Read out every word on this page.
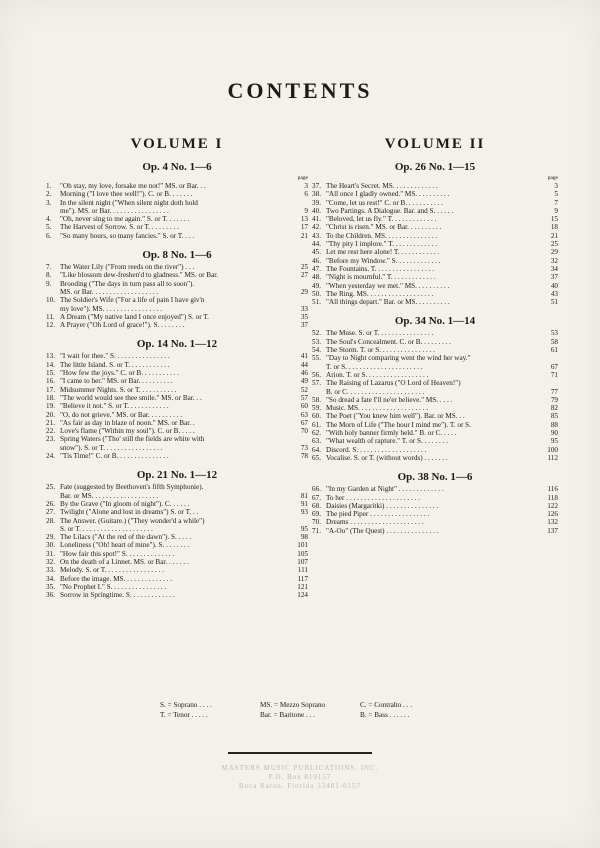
CONTENTS
VOLUME I
Op. 4 No. 1—6
page
1.	"Oh stay, my love, forsake me not!" MS. or Bar. . .	3
2.	Morning ("I love thee well!"). C. or B. . . . . . .	6
3.	In the silent night ("When silent night doth hold
me"). MS. or Bar. . . . . . . . . . . . . . . . .	9
4.	"Oh, never sing to me again." S. or T. . . . . . .	13
5.	The Harvest of Sorrow. S. or T. . . . . . . . .	17
6.	"So many hours, so many fancies." S. or T. . . .	21
Op. 8 No. 1—6
7.	The Water Lily ("From reeds on the river") . . .	25
8.	"Like blossom dew-freshen'd to gladness." MS. or Bar.	27
9.	Brooding ("The days in turn pass all to soon").
MS. or Bar. . . . . . . . . . . . . . . . . . .	29
10. The Soldier's Wife ("For a life of pain I have giv'n
my love"). MS. . . . . . . . . . . . . . . . .	33
11. A Dream ("My native land I once enjoyed") S. or T.	35
12. A Prayer ("Oh Lord of grace!"). S. . . . . . . .	37
Op. 14 No. 1—12
13. "I wait for thee." S. . . . . . . . . . . . . . . .	41
14. The little Island. S. or T. . . . . . . . . . . .	44
15. "How few the joys." C. or B. . . . . . . . . . .	46
16. "I came to her." MS. or Bar. . . . . . . . . .	49
17. Midsummer Nights. S. or T. . . . . . . . . . .	52
18. "The world would see thee smile." MS. or Bar. . .	57
19. "Believe it not." S. or T. . . . . . . . . . . .	60
20. "O, do not grieve." MS. or Bar. . . . . . . . . .	63
21. "As fair as day in blaze of noon." MS. or Bar. .	67
22. Love's flame ("Within my soul"). C. or B. . . . .	70
23. Spring Waters ("Tho' still the fields are white with
snow"). S. or T. . . . . . . . . . . . . . . . .	73
24. "Tis Time!" C. or B. . . . . . . . . . . . . . .	78
Op. 21 No. 1—12
25. Fate (suggested by Beethoven's fifth Symphonie).
Bar. or MS. . . . . . . . . . . . . . . . . . .	81
26. By the Grave ("In gloom of night"). C. . . . . .	91
27. Twilight ("Alone and lost in dreams") S. or T. . .	93
28. The Answer. (Guitare.) ("They wonder'd a while")
S. or T. . . . . . . . . . . . . . . . . . . . .	95
29. The Lilacs ("At the red of the dawn"). S. . . . .	98
30. Loneliness ("Oh! heart of mine"). S. . . . . . . .	101
31. "How fair this spot!" S. . . . . . . . . . . . . .	105
32. On the death of a Linnet. MS. or Bar. . . . . . .	107
33. Melody. S. or T. . . . . . . . . . . . . . . . .	111
34. Before the image. MS. . . . . . . . . . . . . .	117
35. "No Prophet I." S. . . . . . . . . . . . . . . .	121
36. Sorrow in Springtime. S. . . . . . . . . . . . .	124
VOLUME II
Op. 26 No. 1—15
page
37. The Heart's Secret. MS. . . . . . . . . . . . .	3
38. "All once I gladly owned." MS. . . . . . . . . .	5
39. "Come, let us rest!" C. or B. . . . . . . . . . .	7
40. Two Partings. A Dialogue. Bar. and S. . . . . .	9
41. "Beloved, let us fly." T. . . . . . . . . . . . .	15
42. "Christ is risen." MS. or Bar. . . . . . . . . .	18
43. To the Children. MS. . . . . . . . . . . . . . .	21
44. "Thy pity I implore." T. . . . . . . . . . . . .	25
45. Let me rest here alone! T. . . . . . . . . . . .	29
46. "Before my Window." S. . . . . . . . . . . . .	32
47. The Fountains. T. . . . . . . . . . . . . . . . .	34
48. "Night is mournful." T. . . . . . . . . . . . .	37
49. "When yesterday we met." MS. . . . . . . . . .	40
50. The Ring. MS. . . . . . . . . . . . . . . . . . .	43
51. "All things depart." Bar. or MS. . . . . . . . . .	51
Op. 34 No. 1—14
52. The Muse. S. or T. . . . . . . . . . . . . . . .	53
53. The Soul's Concealment. C. or B. . . . . . . . .	58
54. The Storm. T. or S. . . . . . . . . . . . . . . .	61
55. "Day to Night comparing went the wind her way."
T. or S. . . . . . . . . . . . . . . . . . . . . .	67
56. Arion. T. or S. . . . . . . . . . . . . . . . . .	71
57. The Raising of Lazarus ("O Lord of Heaven!")
B. or C. . . . . . . . . . . . . . . . . . . . . .	77
58. "So dread a fate I'll ne'er believe." MS. . . . .	79
59. Music. MS. . . . . . . . . . . . . . . . . . . .	82
60. The Poet ("You knew him well"). Bar. or MS. . .	85
61. The Morn of Life ("The hour I mind me"). T. or S.	88
62. "With holy banner firmly held." B. or C. . . . .	90
63. "What wealth of rapture." T. or S. . . . . . . .	95
64. Discord. S. . . . . . . . . . . . . . . . . . . .	100
65. Vocalise. S. or T. (without words) . . . . . . .	112
Op. 38 No. 1—6
66. "In my Garden at Night" . . . . . . . . . . . . .	116
67. To her . . . . . . . . . . . . . . . . . . . . .	118
68. Daisies (Margaritki) . . . . . . . . . . . . . . .	122
69. The pied Piper . . . . . . . . . . . . . . . . .	126
70. Dreams . . . . . . . . . . . . . . . . . . . . .	132
71. "A-Oo" (The Quest) . . . . . . . . . . . . . . .	137
S. = Soprano . . . .	MS. = Mezzo Soprano	C. = Contralto . . .
T. = Tenor . . . . .	Bar. = Baritone . . .	B. = Bass . . . . . .
MASTERS MUSIC PUBLICATIONS, INC.
P.O. Box 810157
Boca Raton, Florida 33481-0157
